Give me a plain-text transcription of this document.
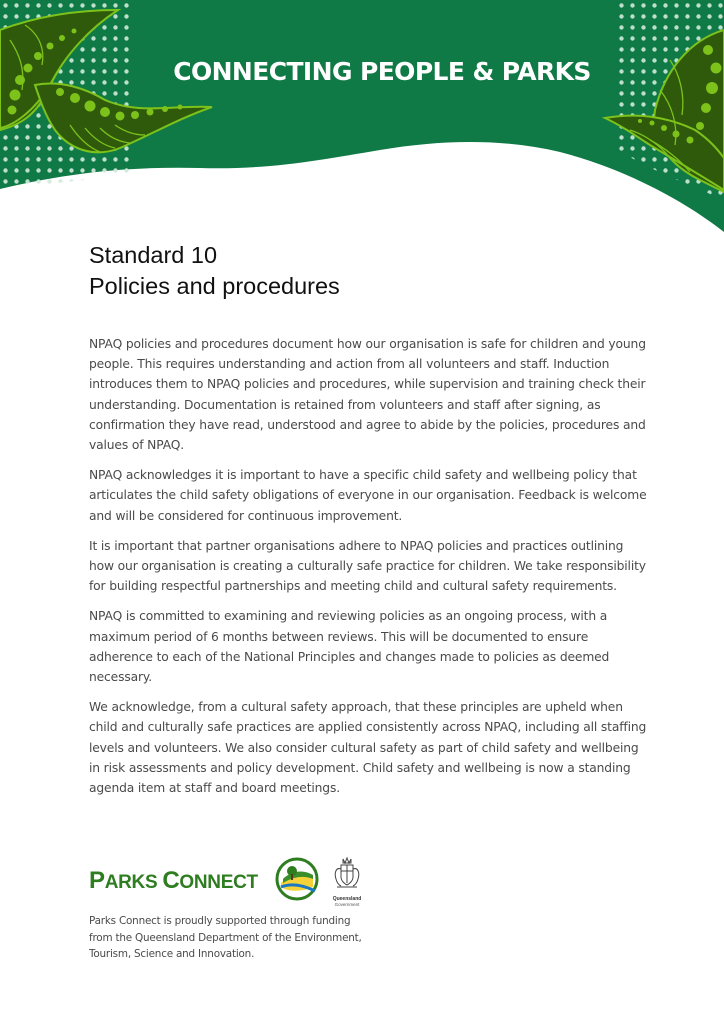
CONNECTING PEOPLE & PARKS
Standard 10
Policies and procedures

NPAQ policies and procedures document how our organisation is safe for children and young people. This requires understanding and action from all volunteers and staff. Induction introduces them to NPAQ policies and procedures, while supervision and training check their understanding. Documentation is retained from volunteers and staff after signing, as confirmation they have read, understood and agree to abide by the policies, procedures and values of NPAQ.

NPAQ acknowledges it is important to have a specific child safety and wellbeing policy that articulates the child safety obligations of everyone in our organisation. Feedback is welcome and will be considered for continuous improvement.

It is important that partner organisations adhere to NPAQ policies and practices outlining how our organisation is creating a culturally safe practice for children. We take responsibility for building respectful partnerships and meeting child and cultural safety requirements.

NPAQ is committed to examining and reviewing policies as an ongoing process, with a maximum period of 6 months between reviews. This will be documented to ensure adherence to each of the National Principles and changes made to policies as deemed necessary.

We acknowledge, from a cultural safety approach, that these principles are upheld when child and culturally safe practices are applied consistently across NPAQ, including all staffing levels and volunteers. We also consider cultural safety as part of child safety and wellbeing in risk assessments and policy development. Child safety and wellbeing is now a standing agenda item at staff and board meetings.

PARKS CONNECT
Queensland
Government
Parks Connect is proudly supported through funding
from the Queensland Department of the Environment,
Tourism, Science and Innovation.
